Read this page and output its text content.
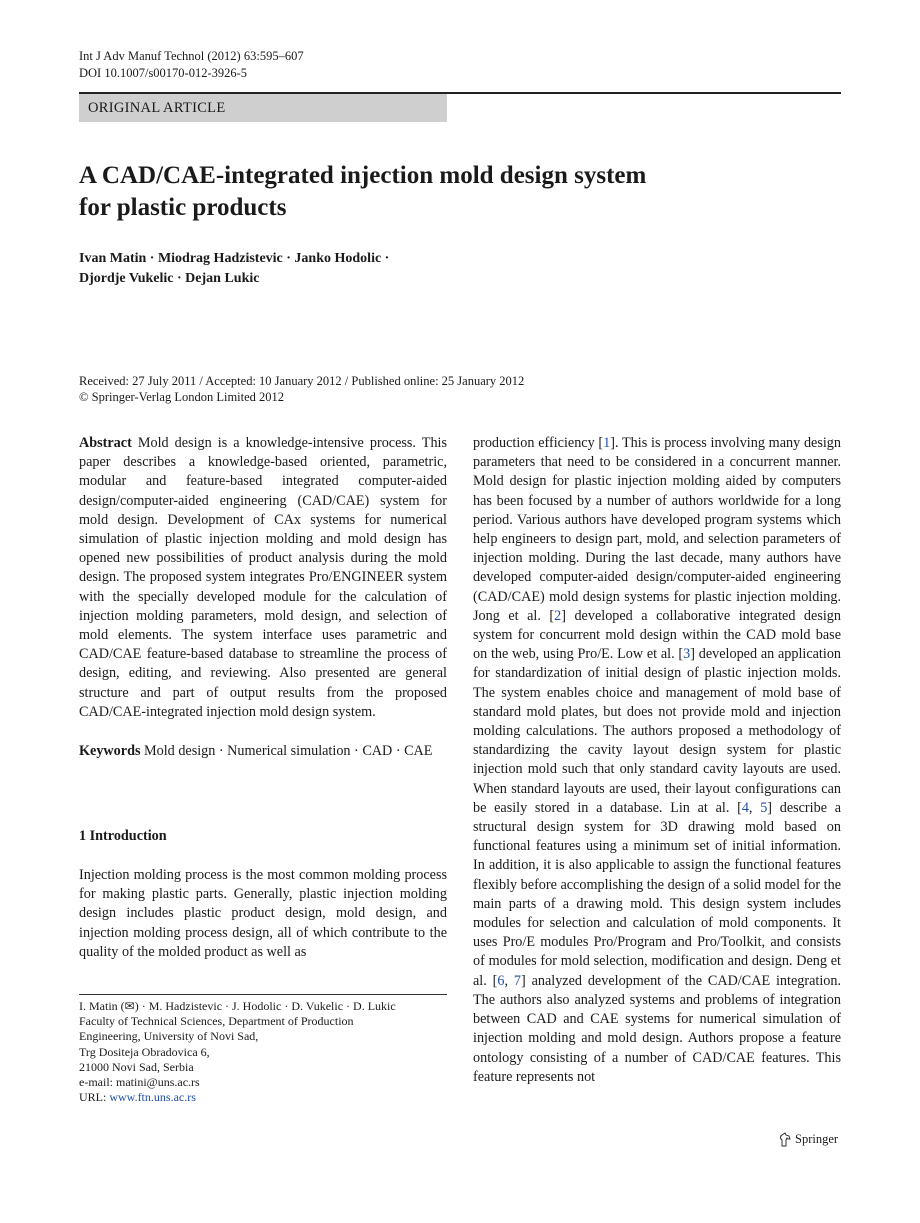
Int J Adv Manuf Technol (2012) 63:595–607
DOI 10.1007/s00170-012-3926-5
ORIGINAL ARTICLE
A CAD/CAE-integrated injection mold design system
for plastic products
Ivan Matin · Miodrag Hadzistevic · Janko Hodolic ·
Djordje Vukelic · Dejan Lukic
Received: 27 July 2011 / Accepted: 10 January 2012 / Published online: 25 January 2012
© Springer-Verlag London Limited 2012

Abstract Mold design is a knowledge-intensive process. This paper describes a knowledge-based oriented, parametric, modular and feature-based integrated computer-aided design/computer-aided engineering (CAD/CAE) system for mold design. Development of CAx systems for numerical simulation of plastic injection molding and mold design has opened new possibilities of product analysis during the mold design. The proposed system integrates Pro/ENGINEER system with the specially developed module for the calculation of injection molding parameters, mold design, and selection of mold elements. The system interface uses parametric and CAD/CAE feature-based database to streamline the process of design, editing, and reviewing. Also presented are general structure and part of output results from the proposed CAD/CAE-integrated injection mold design system.

Keywords Mold design · Numerical simulation · CAD · CAE

1 Introduction

Injection molding process is the most common molding process for making plastic parts. Generally, plastic injection molding design includes plastic product design, mold design, and injection molding process design, all of which contribute to the quality of the molded product as well as

I. Matin (✉) · M. Hadzistevic · J. Hodolic · D. Vukelic · D. Lukic
Faculty of Technical Sciences, Department of Production
Engineering, University of Novi Sad,
Trg Dositeja Obradovica 6,
21000 Novi Sad, Serbia
e-mail: matini@uns.ac.rs
URL: www.ftn.uns.ac.rs

production efficiency [1]. This is process involving many design parameters that need to be considered in a concurrent manner. Mold design for plastic injection molding aided by computers has been focused by a number of authors worldwide for a long period. Various authors have developed program systems which help engineers to design part, mold, and selection parameters of injection molding. During the last decade, many authors have developed computer-aided design/computer-aided engineering (CAD/CAE) mold design systems for plastic injection molding. Jong et al. [2] developed a collaborative integrated design system for concurrent mold design within the CAD mold base on the web, using Pro/E. Low et al. [3] developed an application for standardization of initial design of plastic injection molds. The system enables choice and management of mold base of standard mold plates, but does not provide mold and injection molding calculations. The authors proposed a methodology of standardizing the cavity layout design system for plastic injection mold such that only standard cavity layouts are used. When standard layouts are used, their layout configurations can be easily stored in a database. Lin at al. [4, 5] describe a structural design system for 3D drawing mold based on functional features using a minimum set of initial information. In addition, it is also applicable to assign the functional features flexibly before accomplishing the design of a solid model for the main parts of a drawing mold. This design system includes modules for selection and calculation of mold components. It uses Pro/E modules Pro/Program and Pro/Toolkit, and consists of modules for mold selection, modification and design. Deng et al. [6, 7] analyzed development of the CAD/CAE integration. The authors also analyzed systems and problems of integration between CAD and CAE systems for numerical simulation of injection molding and mold design. Authors propose a feature ontology consisting of a number of CAD/CAE features. This feature represents not

Springer
